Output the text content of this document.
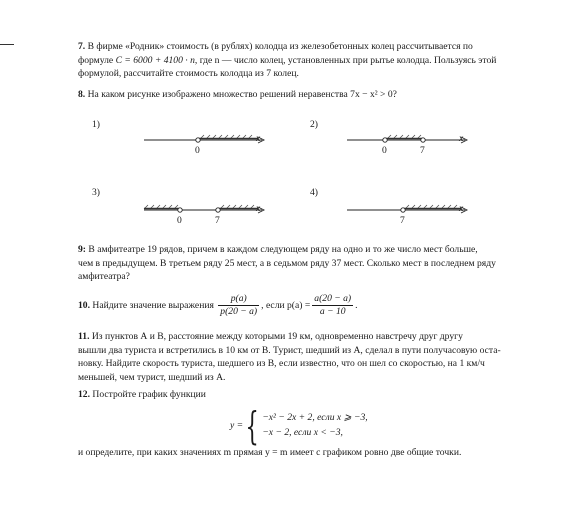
7. В фирме «Родник» стоимость (в рублях) колодца из железобетонных колец рассчитывается по

формуле C = 6000 + 4100 · n, где n — число колец, установленных при рытье колодца. Пользуясь этой

формулой, рассчитайте стоимость колодца из 7 колец.

8. На каком рисунке изображено множество решений неравенства 7x − x² > 0?

1)
0
x
2)
0	7
x
3)
0	7
x
4)
7
x

9: В амфитеатре 19 рядов, причем в каждом следующем ряду на одно и то же число мест больше,

чем в предыдущем. В третьем ряду 25 мест, а в седьмом ряду 37 мест. Сколько мест в последнем ряду

амфитеатра?

10.
Найдите значение выражения
$\frac{p(a)}{p(20 - a)}$ , если $p(a) = \frac{a(20 - a)}{a - 10}$ .

11. Из пунктов А и В, расстояние между которыми 19 км, одновременно навстречу друг другу

вышли два туриста и встретились в 10 км от В. Турист, шедший из А, сделал в пути получасовую оста-

новку. Найдите скорость туриста, шедшего из В, если известно, что он шел со скоростью, на 1 км/ч

меньшей, чем турист, шедший из А.

12. Постройте график функции

y = { −x² − 2x + 2, если x ⩾ −3,
−x − 2, если x < −3,

и определите, при каких значениях m прямая y = m имеет с графиком ровно две общие точки.
